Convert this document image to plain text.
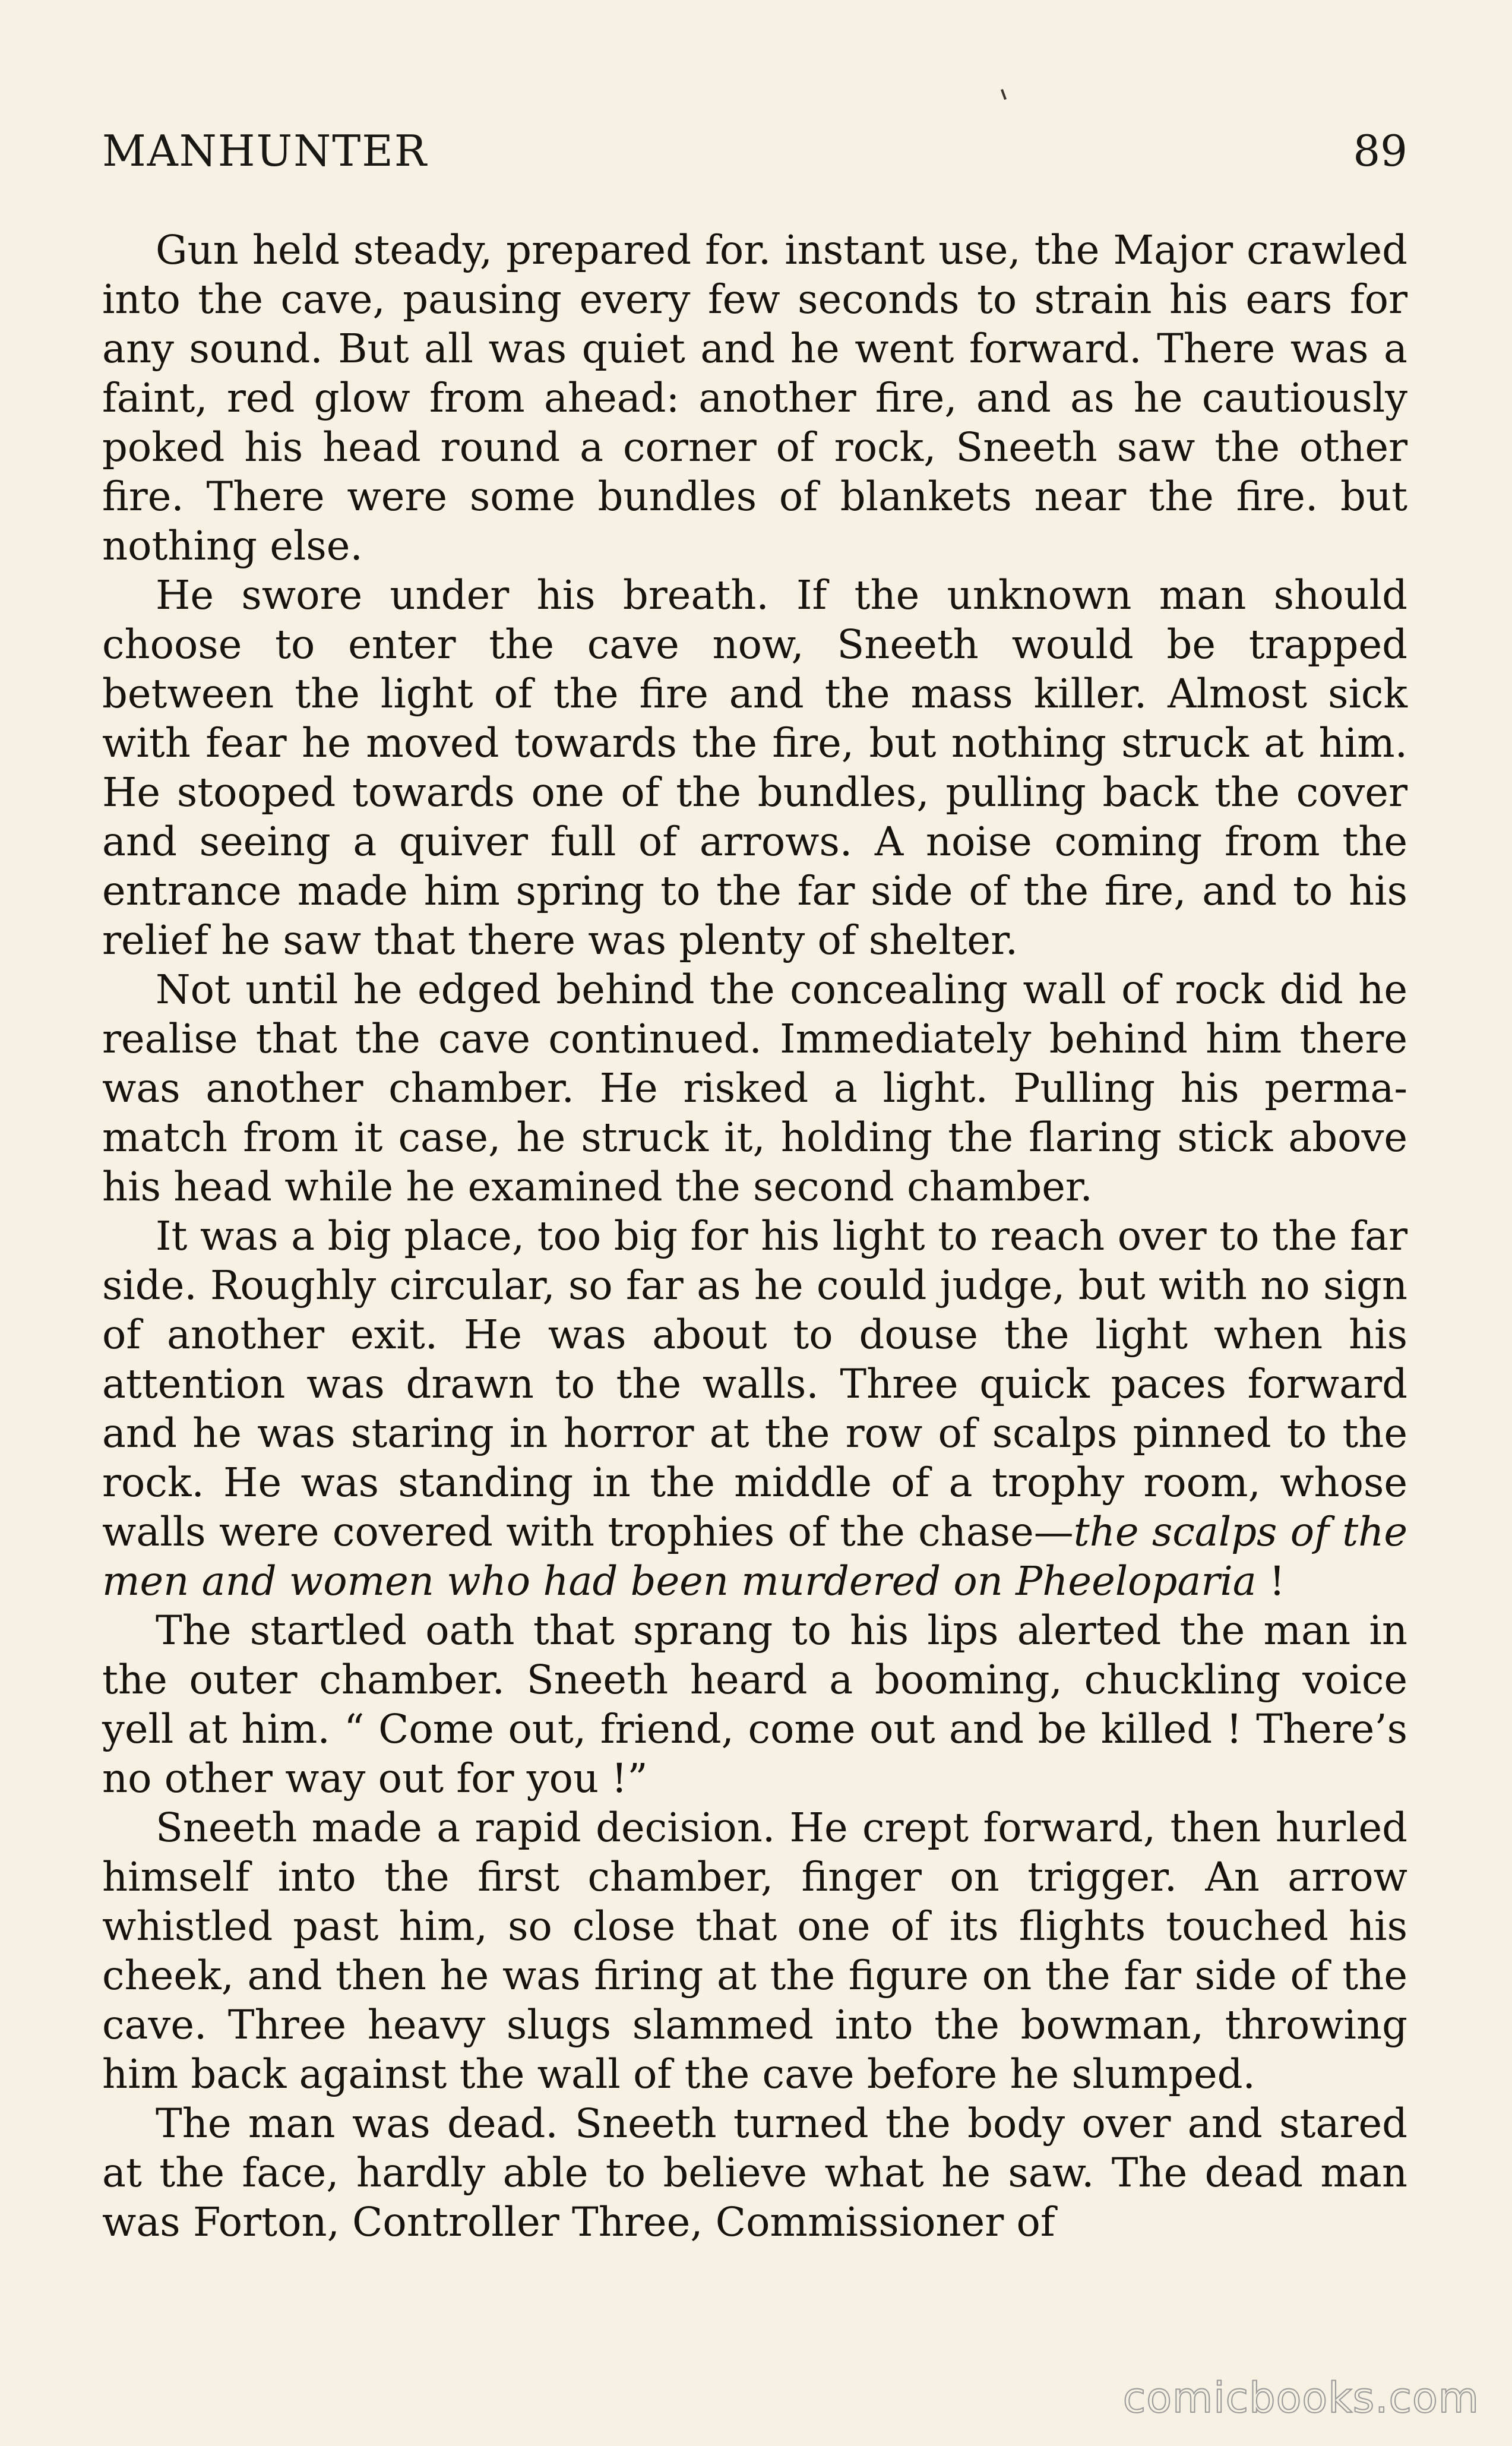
MANHUNTER	89

Gun held steady, prepared for. instant use, the Major crawled into the cave, pausing every few seconds to strain his ears for any sound. But all was quiet and he went forward. There was a faint, red glow from ahead: another fire, and as he cautiously poked his head round a corner of rock, Sneeth saw the other fire. There were some bundles of blankets near the fire. but nothing else.

He swore under his breath. If the unknown man should choose to enter the cave now, Sneeth would be trapped between the light of the fire and the mass killer. Almost sick with fear he moved towards the fire, but nothing struck at him. He stooped towards one of the bundles, pulling back the cover and seeing a quiver full of arrows. A noise coming from the entrance made him spring to the far side of the fire, and to his relief he saw that there was plenty of shelter.

Not until he edged behind the concealing wall of rock did he realise that the cave continued. Immediately behind him there was another chamber. He risked a light. Pulling his perma-match from it case, he struck it, holding the flaring stick above his head while he examined the second chamber.

It was a big place, too big for his light to reach over to the far side. Roughly circular, so far as he could judge, but with no sign of another exit. He was about to douse the light when his attention was drawn to the walls. Three quick paces forward and he was staring in horror at the row of scalps pinned to the rock. He was standing in the middle of a trophy room, whose walls were covered with trophies of the chase—the scalps of the men and women who had been murdered on Pheeloparia !

The startled oath that sprang to his lips alerted the man in the outer chamber. Sneeth heard a booming, chuckling voice yell at him. “ Come out, friend, come out and be killed ! There’s no other way out for you !”

Sneeth made a rapid decision. He crept forward, then hurled himself into the first chamber, finger on trigger. An arrow whistled past him, so close that one of its flights touched his cheek, and then he was firing at the figure on the far side of the cave. Three heavy slugs slammed into the bowman, throwing him back against the wall of the cave before he slumped.

The man was dead. Sneeth turned the body over and stared at the face, hardly able to believe what he saw. The dead man was Forton, Controller Three, Commissioner of

comicbooks.com
